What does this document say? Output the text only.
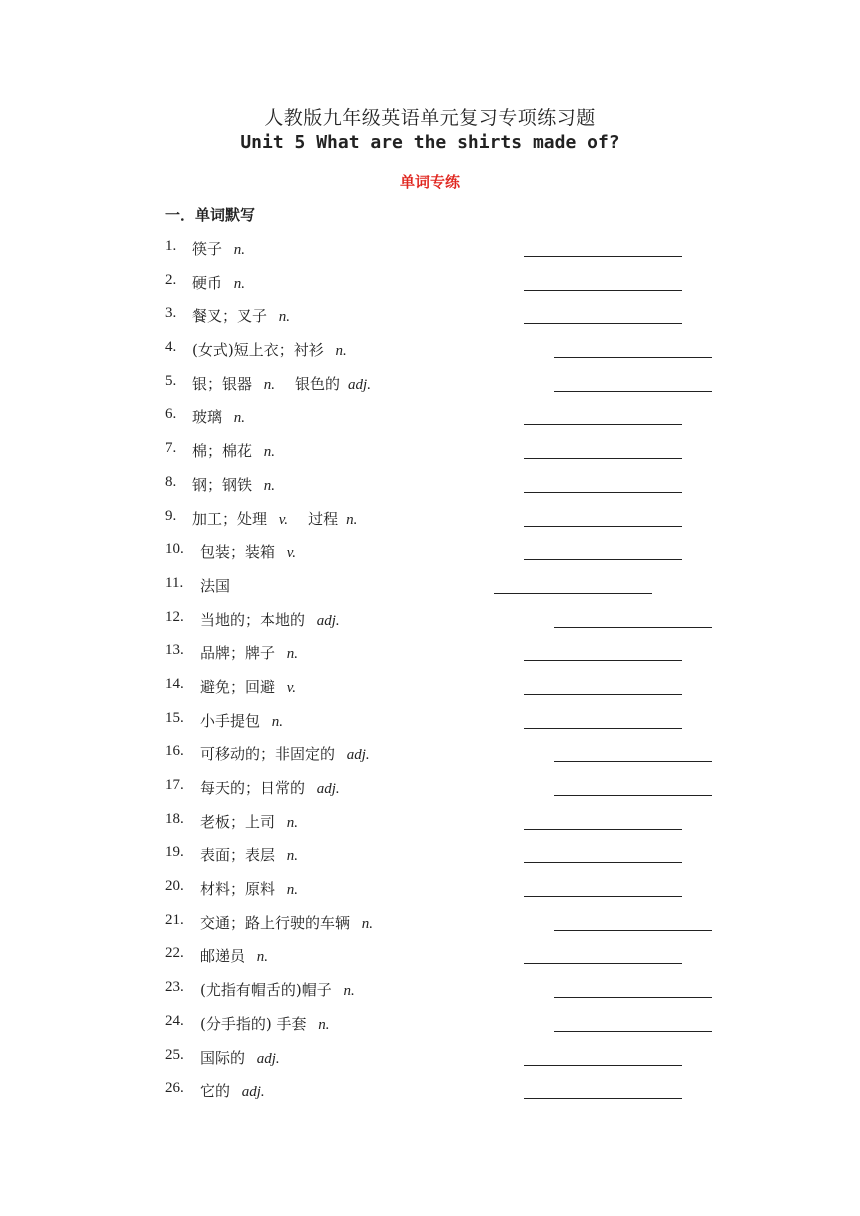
人教版九年级英语单元复习专项练习题
Unit 5 What are the shirts made of?
单词专练
一．单词默写
1. 筷子 n.
2. 硬币 n.
3. 餐叉；叉子 n.
4. (女式)短上衣；衬衫 n.
5. 银；银器 n. 银色的 adj.
6. 玻璃 n.
7. 棉；棉花 n.
8. 钢；钢铁 n.
9. 加工；处理 v. 过程 n.
10. 包装；装箱 v.
11. 法国
12. 当地的；本地的 adj.
13. 品牌；牌子 n.
14. 避免；回避 v.
15. 小手提包 n.
16. 可移动的；非固定的 adj.
17. 每天的；日常的 adj.
18. 老板；上司 n.
19. 表面；表层 n.
20. 材料；原料 n.
21. 交通；路上行驶的车辆 n.
22. 邮递员 n.
23. (尤指有帽舌的)帽子 n.
24. (分手指的) 手套 n.
25. 国际的 adj.
26. 它的 adj.
